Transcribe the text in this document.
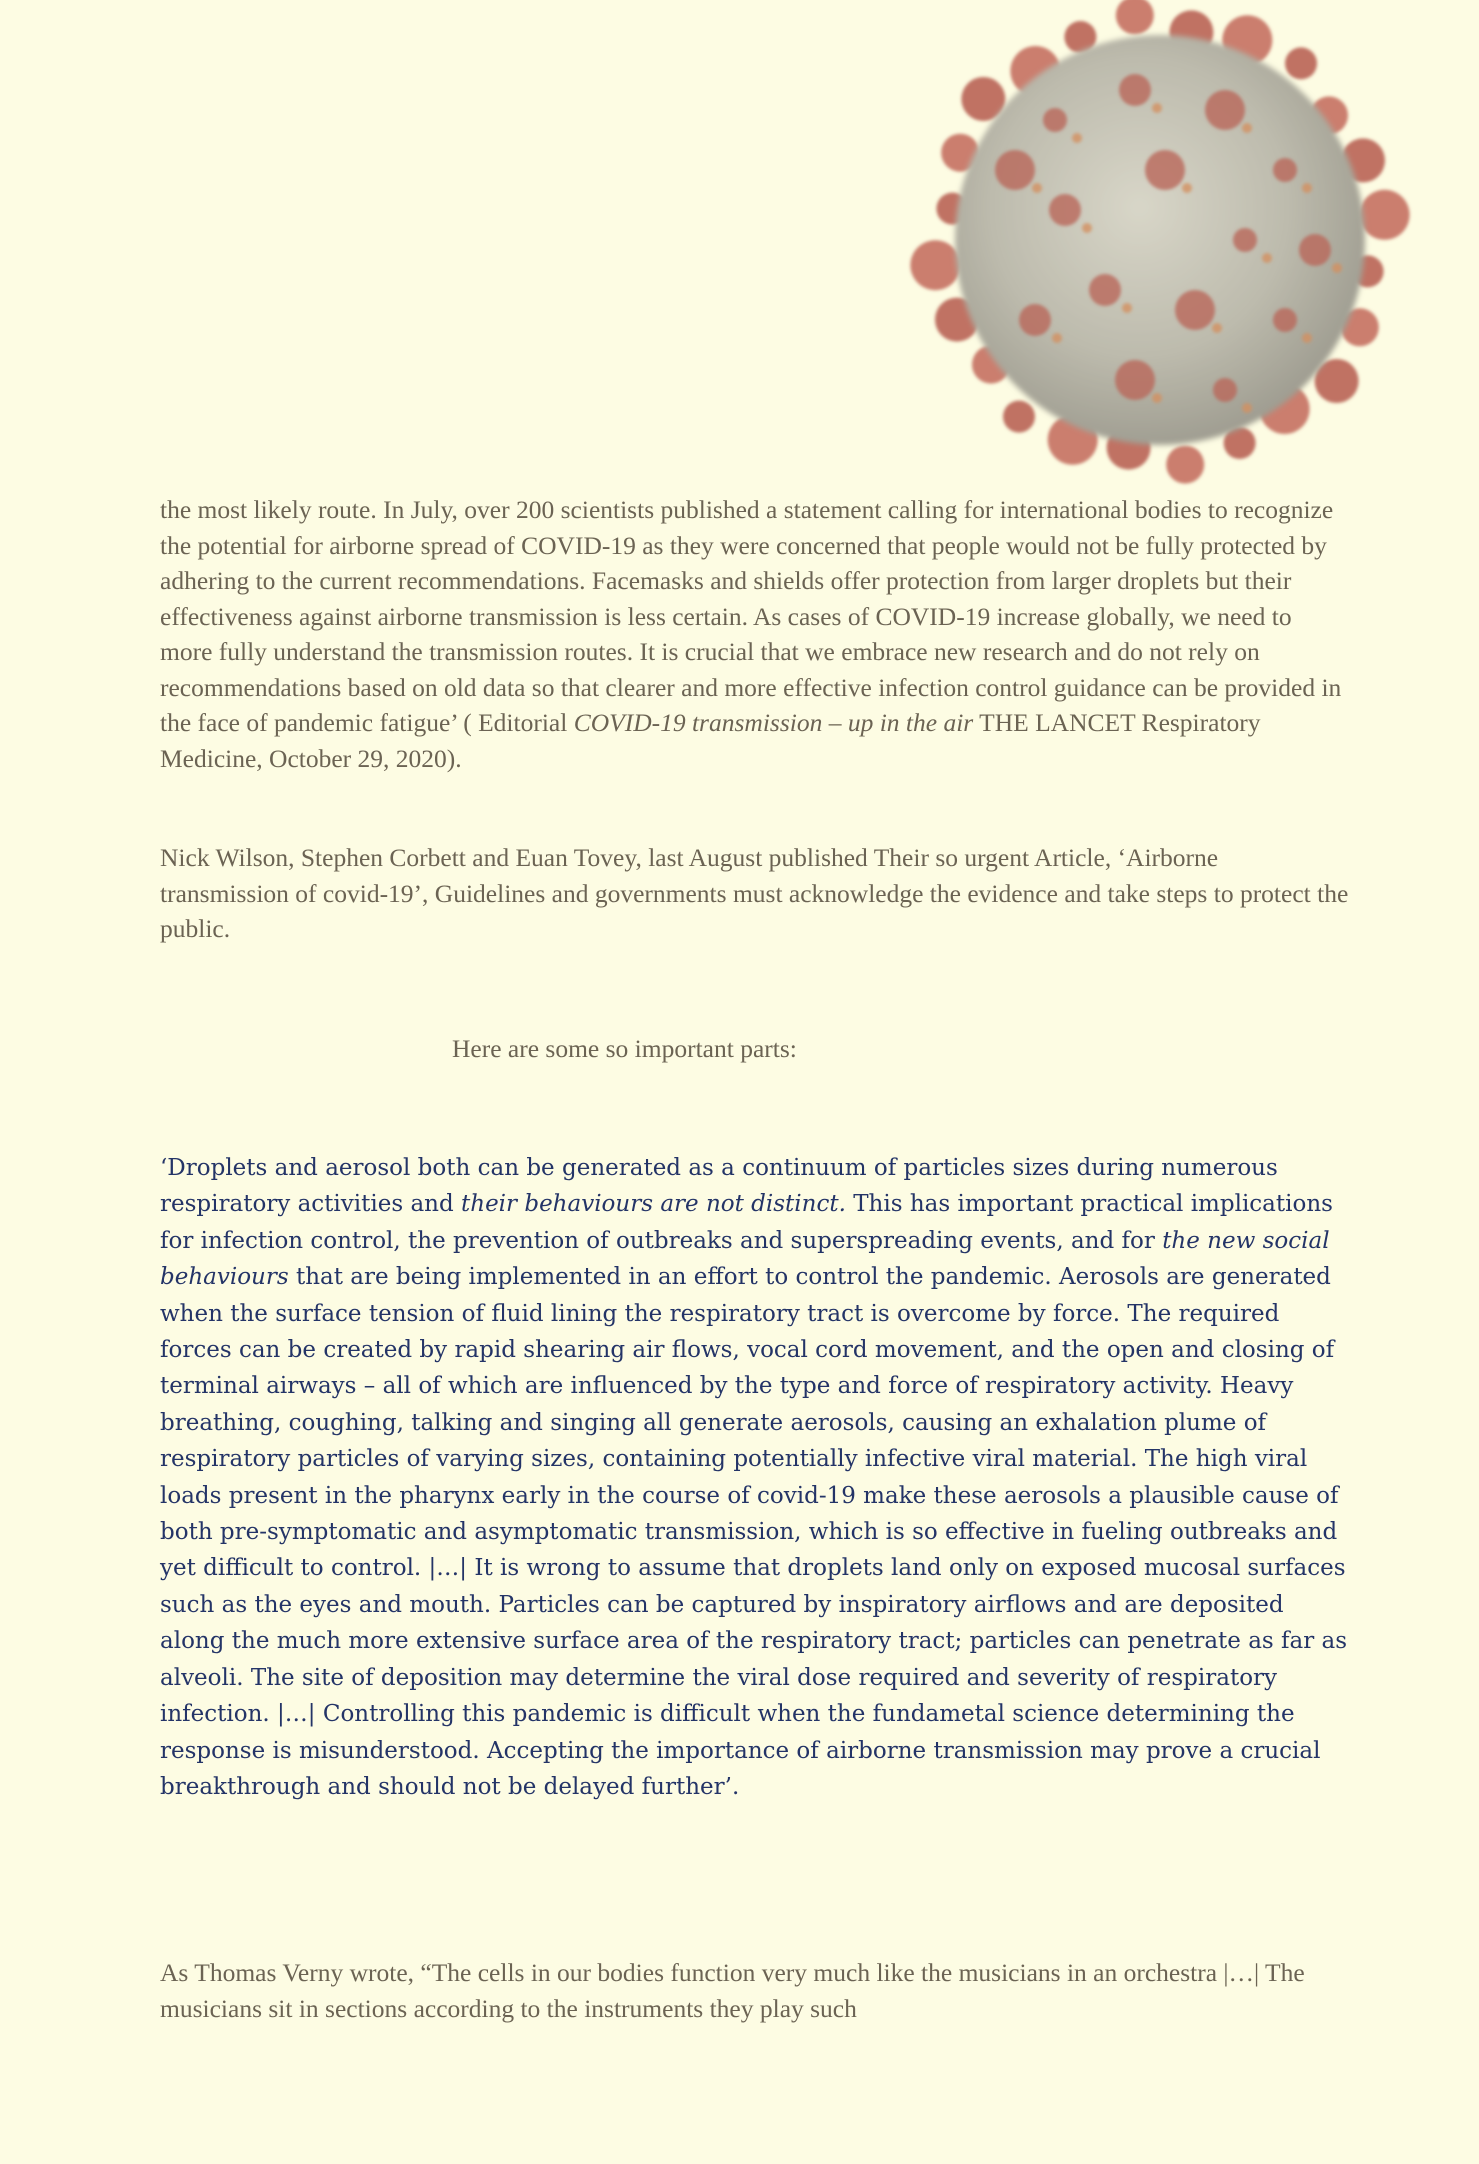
the most likely route. In July, over 200 scientists published a statement calling for international bodies to recognize the potential for airborne spread of COVID-19 as they were concerned that people would not be fully protected by adhering to the current recommendations. Facemasks and shields offer protection from larger droplets but their effectiveness against airborne transmission is less certain. As cases of COVID-19 increase globally, we need to more fully understand the transmission routes. It is crucial that we embrace new research and do not rely on recommendations based on old data so that clearer and more effective infection control guidance can be provided in the face of pandemic fatigue’ ( Editorial COVID-19 transmission – up in the air THE LANCET Respiratory Medicine, October 29, 2020).

Nick Wilson, Stephen Corbett and Euan Tovey, last August published Their so urgent Article, ‘Airborne transmission of covid-19’, Guidelines and governments must acknowledge the evidence and take steps to protect the public.

Here are some so important parts:

‘Droplets and aerosol both can be generated as a continuum of particles sizes during numerous respiratory activities and their behaviours are not distinct. This has important practical implications for infection control, the prevention of outbreaks and superspreading events, and for the new social behaviours that are being implemented in an effort to control the pandemic. Aerosols are generated when the surface tension of fluid lining the respiratory tract is overcome by force. The required forces can be created by rapid shearing air flows, vocal cord movement, and the open and closing of terminal airways – all of which are influenced by the type and force of respiratory activity. Heavy breathing, coughing, talking and singing all generate aerosols, causing an exhalation plume of respiratory particles of varying sizes, containing potentially infective viral material. The high viral loads present in the pharynx early in the course of covid-19 make these aerosols a plausible cause of both pre-symptomatic and asymptomatic transmission, which is so effective in fueling outbreaks and yet difficult to control. |…| It is wrong to assume that droplets land only on exposed mucosal surfaces such as the eyes and mouth. Particles can be captured by inspiratory airflows and are deposited along the much more extensive surface area of the respiratory tract; particles can penetrate as far as alveoli. The site of deposition may determine the viral dose required and severity of respiratory infection. |…| Controlling this pandemic is difficult when the fundametal science determining the response is misunderstood. Accepting the importance of airborne transmission may prove a crucial breakthrough and should not be delayed further’.

As Thomas Verny wrote, “The cells in our bodies function very much like the musicians in an orchestra |…| The musicians sit in sections according to the instruments they play such
